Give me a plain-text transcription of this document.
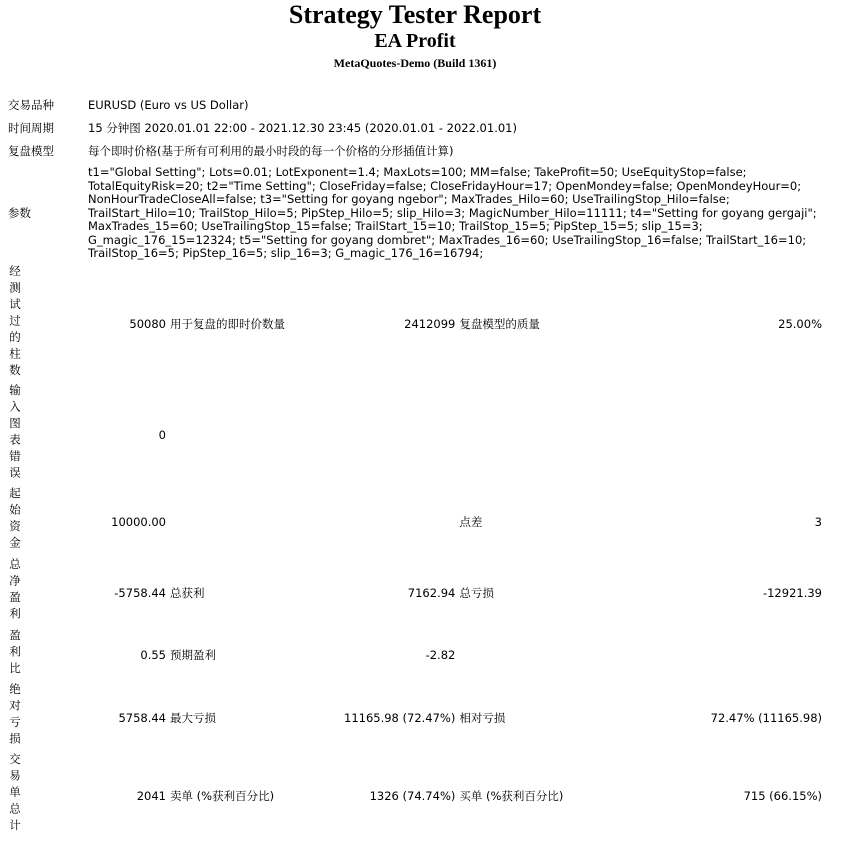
Strategy Tester Report
EA Profit
MetaQuotes-Demo (Build 1361)
交易品种	EURUSD (Euro vs US Dollar)				
时间周期	15 分钟图 2020.01.01 22:00 - 2021.12.30 23:45 (2020.01.01 - 2022.01.01)				
复盘模型	每个即时价格(基于所有可利用的最小时段的每一个价格的分形插值计算)				
参数	t1="Global Setting"; Lots=0.01; LotExponent=1.4; MaxLots=100; MM=false; TakeProfit=50; UseEquityStop=false; TotalEquityRisk=20; t2="Time Setting"; CloseFriday=false; CloseFridayHour=17; OpenMondey=false; OpenMondeyHour=0; NonHourTradeCloseAll=false; t3="Setting for goyang ngebor"; MaxTrades_Hilo=60; UseTrailingStop_Hilo=false; TrailStart_Hilo=10; TrailStop_Hilo=5; PipStep_Hilo=5; slip_Hilo=3; MagicNumber_Hilo=11111; t4="Setting for goyang gergaji"; MaxTrades_15=60; UseTrailingStop_15=false; TrailStart_15=10; TrailStop_15=5; PipStep_15=5; slip_15=3; G_magic_176_15=12324; t5="Setting for goyang dombret"; MaxTrades_16=60; UseTrailingStop_16=false; TrailStart_16=10; TrailStop_16=5; PipStep_16=5; slip_16=3; G_magic_176_16=16794;				
经测试过的柱数	50080	用于复盘的即时价数量	2412099	复盘模型的质量	25.00%
输入图表错误	0				
起始资金	10000.00			点差	3
总净盈利	-5758.44	总获利	7162.94	总亏损	-12921.39
盈利比	0.55	预期盈利	-2.82		
绝对亏损	5758.44	最大亏损	11165.98 (72.47%)	相对亏损	72.47% (11165.98)
交易单总计	2041	卖单 (%获利百分比)	1326 (74.74%)	买单 (%获利百分比)	715 (66.15%)
